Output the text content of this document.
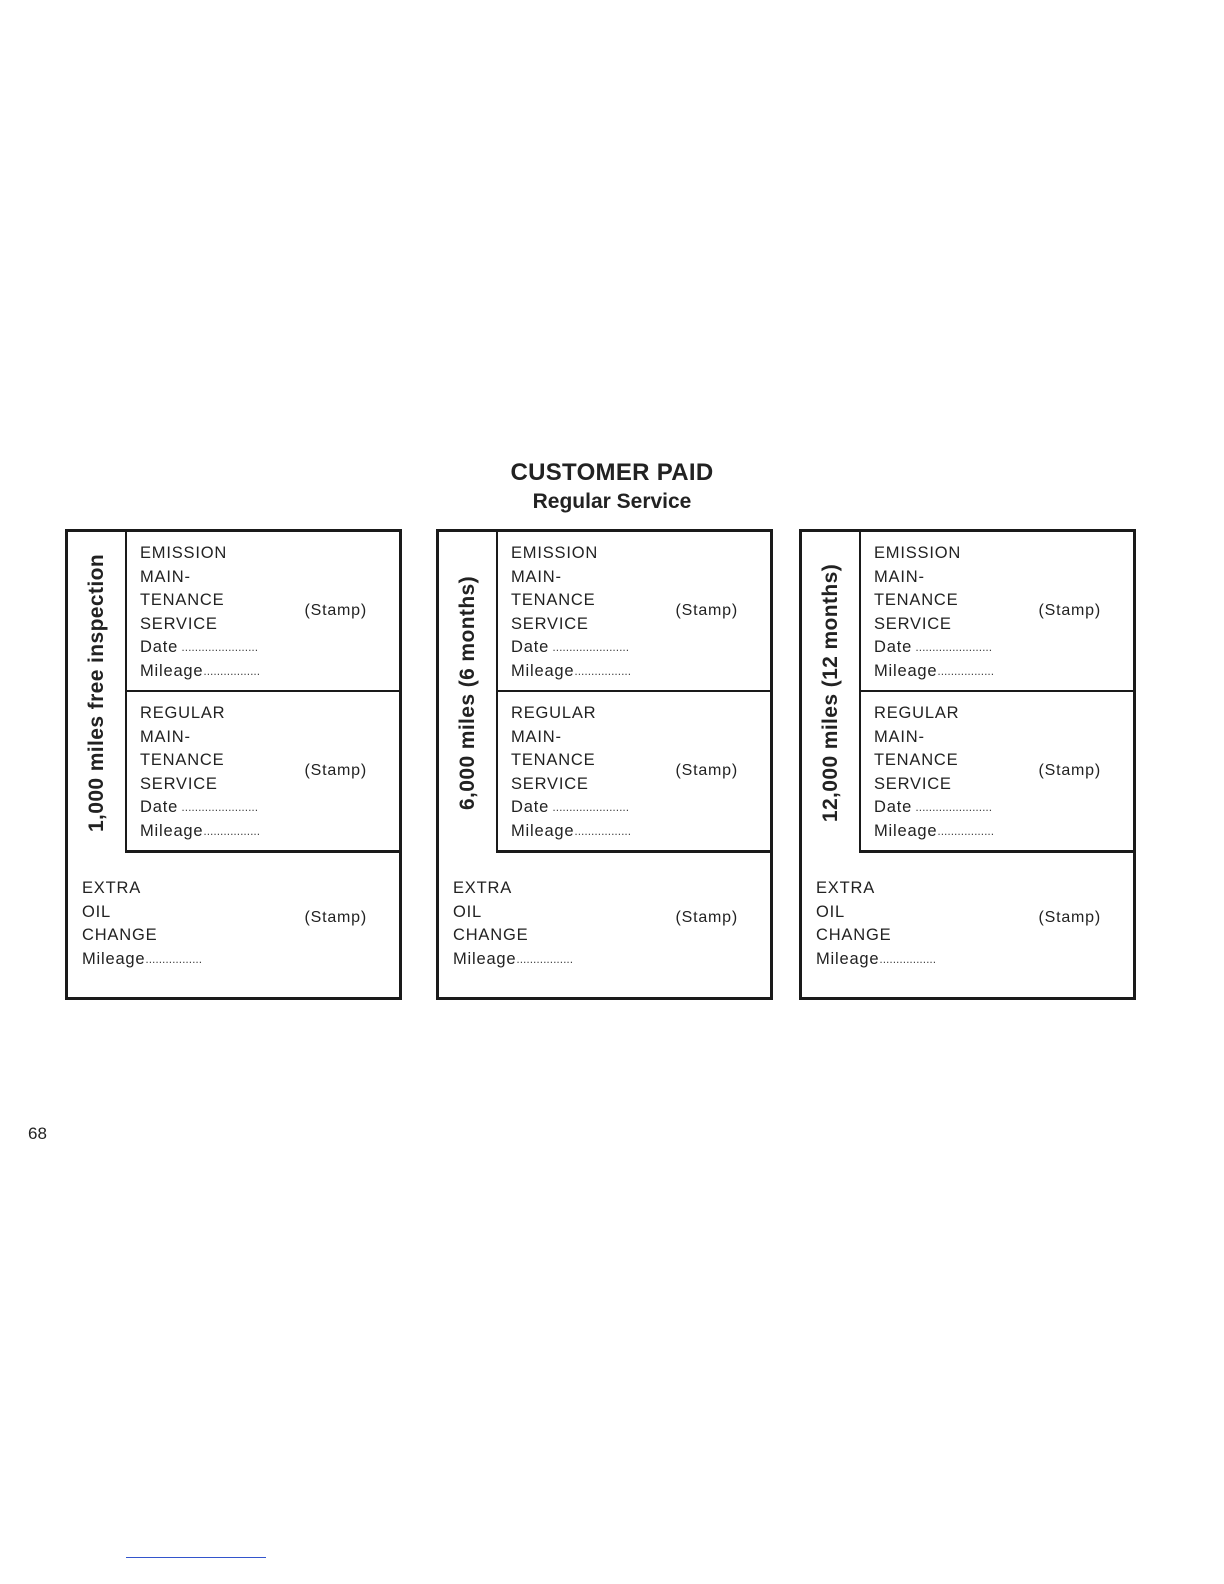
CUSTOMER PAID
Regular Service
1,000 miles free inspection
EMISSION
MAIN-
TENANCE
SERVICE
Date .......................
Mileage.................
(Stamp)
REGULAR
MAIN-
TENANCE
SERVICE
Date .......................
Mileage.................
(Stamp)
EXTRA
OIL
CHANGE
Mileage.................
(Stamp)
6,000 miles (6 months)
EMISSION
MAIN-
TENANCE
SERVICE
Date .......................
Mileage.................
(Stamp)
REGULAR
MAIN-
TENANCE
SERVICE
Date .......................
Mileage.................
(Stamp)
EXTRA
OIL
CHANGE
Mileage.................
(Stamp)
12,000 miles (12 months)
EMISSION
MAIN-
TENANCE
SERVICE
Date .......................
Mileage.................
(Stamp)
REGULAR
MAIN-
TENANCE
SERVICE
Date .......................
Mileage.................
(Stamp)
EXTRA
OIL
CHANGE
Mileage.................
(Stamp)
68
